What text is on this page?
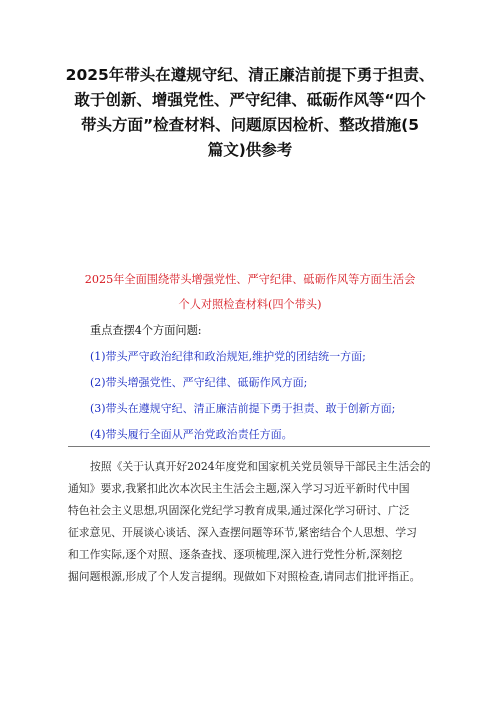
2025年带头在遵规守纪、清正廉洁前提下勇于担责、
敢于创新、增强党性、严守纪律、砥砺作风等“四个
带头方面”检查材料、问题原因检析、整改措施(5
篇文)供参考
2025年全面围绕带头增强党性、严守纪律、砥砺作风等方面生活会
个人对照检查材料(四个带头)
重点查摆4个方面问题:
(1)带头严守政治纪律和政治规矩,维护党的团结统一方面;
(2)带头增强党性、严守纪律、砥砺作风方面;
(3)带头在遵规守纪、清正廉洁前提下勇于担责、敢于创新方面;
(4)带头履行全面从严治党政治责任方面。
按照《关于认真开好2024年度党和国家机关党员领导干部民主生活会的
通知》要求,我紧扣此次本次民主生活会主题,深入学习习近平新时代中国
特色社会主义思想,巩固深化党纪学习教育成果,通过深化学习研讨、广泛
征求意见、开展谈心谈话、深入查摆问题等环节,紧密结合个人思想、学习
和工作实际,逐个对照、逐条查找、逐项梳理,深入进行党性分析,深刻挖
掘问题根源,形成了个人发言提纲。现做如下对照检查,请同志们批评指正。
